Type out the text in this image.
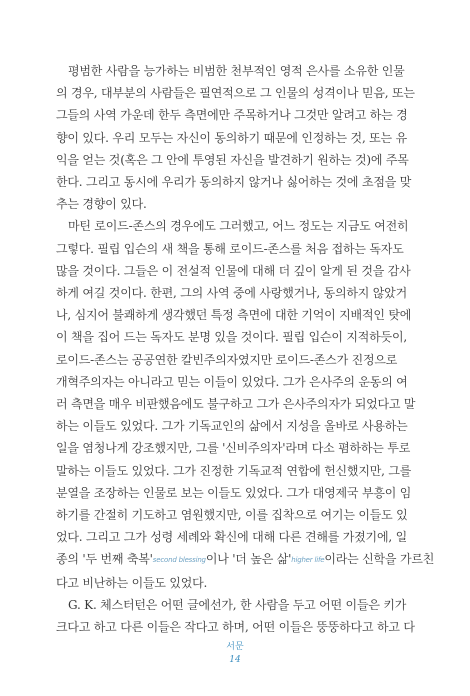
평범한 사람을 능가하는 비범한 천부적인 영적 은사를 소유한 인물
의 경우, 대부분의 사람들은 필연적으로 그 인물의 성격이나 믿음, 또는
그들의 사역 가운데 한두 측면에만 주목하거나 그것만 알려고 하는 경
향이 있다. 우리 모두는 자신이 동의하기 때문에 인정하는 것, 또는 유
익을 얻는 것(혹은 그 안에 투영된 자신을 발견하기 원하는 것)에 주목
한다. 그리고 동시에 우리가 동의하지 않거나 싫어하는 것에 초점을 맞
추는 경향이 있다.
마틴 로이드-존스의 경우에도 그러했고, 어느 정도는 지금도 여전히
그렇다. 필립 입슨의 새 책을 통해 로이드-존스를 처음 접하는 독자도
많을 것이다. 그들은 이 전설적 인물에 대해 더 깊이 알게 된 것을 감사
하게 여길 것이다. 한편, 그의 사역 중에 사랑했거나, 동의하지 않았거
나, 심지어 불쾌하게 생각했던 특정 측면에 대한 기억이 지배적인 탓에
이 책을 집어 드는 독자도 분명 있을 것이다. 필립 입슨이 지적하듯이,
로이드-존스는 공공연한 칼빈주의자였지만 로이드-존스가 진정으로
개혁주의자는 아니라고 믿는 이들이 있었다. 그가 은사주의 운동의 여
러 측면을 매우 비판했음에도 불구하고 그가 은사주의자가 되었다고 말
하는 이들도 있었다. 그가 기독교인의 삶에서 지성을 올바로 사용하는
일을 염청나게 강조했지만, 그를 '신비주의자'라며 다소 폄하하는 투로
말하는 이들도 있었다. 그가 진정한 기독교적 연합에 헌신했지만, 그를
분열을 조장하는 인물로 보는 이들도 있었다. 그가 대영제국 부흥이 임
하기를 간절히 기도하고 염원했지만, 이를 집착으로 여기는 이들도 있
었다. 그리고 그가 성령 세례와 확신에 대해 다른 견해를 가졌기에, 일
종의 '두 번째 축복'second blessing이나 '더 높은 삶'higher life이라는 신학을 가르친
다고 비난하는 이들도 있었다.
G. K. 체스터턴은 어떤 글에선가, 한 사람을 두고 어떤 이들은 키가
크다고 하고 다른 이들은 작다고 하며, 어떤 이들은 뚱뚱하다고 하고 다
서문
14
